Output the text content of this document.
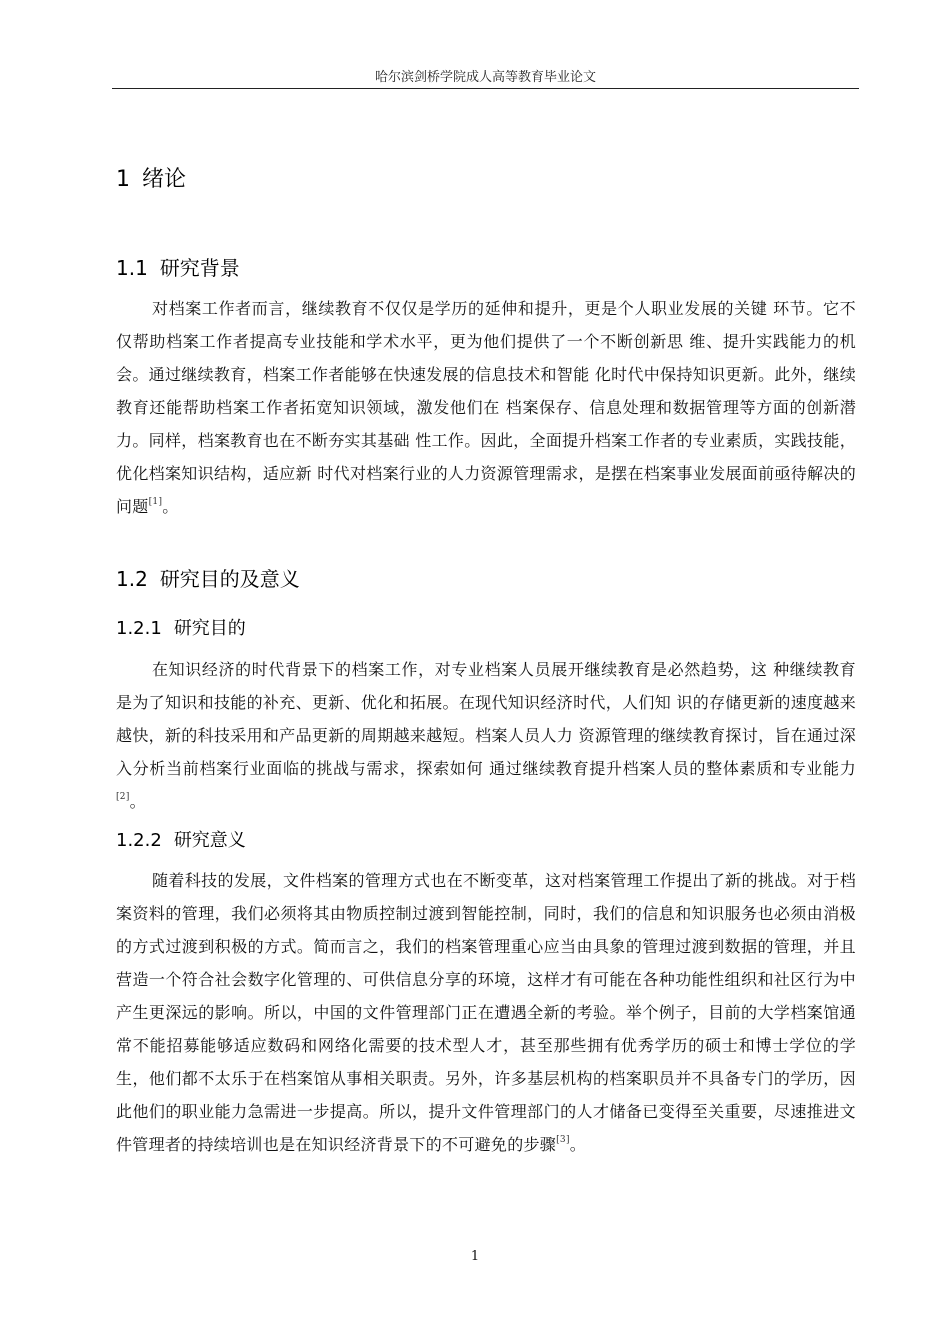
哈尔滨剑桥学院成人高等教育毕业论文
1 绪论
1.1 研究背景

对档案工作者而言，继续教育不仅仅是学历的延伸和提升，更是个人职业发展的关键 环节。它不仅帮助档案工作者提高专业技能和学术水平，更为他们提供了一个不断创新思 维、提升实践能力的机会。通过继续教育，档案工作者能够在快速发展的信息技术和智能 化时代中保持知识更新。此外，继续教育还能帮助档案工作者拓宽知识领域，激发他们在 档案保存、信息处理和数据管理等方面的创新潜力。同样，档案教育也在不断夯实其基础 性工作。因此，全面提升档案工作者的专业素质，实践技能，优化档案知识结构，适应新 时代对档案行业的人力资源管理需求，是摆在档案事业发展面前亟待解决的问题[1]。

1.2 研究目的及意义
1.2.1 研究目的

在知识经济的时代背景下的档案工作，对专业档案人员展开继续教育是必然趋势，这 种继续教育是为了知识和技能的补充、更新、优化和拓展。在现代知识经济时代，人们知 识的存储更新的速度越来越快，新的科技采用和产品更新的周期越来越短。档案人员人力 资源管理的继续教育探讨，旨在通过深入分析当前档案行业面临的挑战与需求，探索如何 通过继续教育提升档案人员的整体素质和专业能力[2]。

1.2.2 研究意义

随着科技的发展，文件档案的管理方式也在不断变革，这对档案管理工作提出了新的挑战。对于档案资料的管理，我们必须将其由物质控制过渡到智能控制，同时，我们的信息和知识服务也必须由消极的方式过渡到积极的方式。简而言之，我们的档案管理重心应当由具象的管理过渡到数据的管理，并且营造一个符合社会数字化管理的、可供信息分享的环境，这样才有可能在各种功能性组织和社区行为中产生更深远的影响。所以，中国的文件管理部门正在遭遇全新的考验。举个例子，目前的大学档案馆通常不能招募能够适应数码和网络化需要的技术型人才，甚至那些拥有优秀学历的硕士和博士学位的学生，他们都不太乐于在档案馆从事相关职责。另外，许多基层机构的档案职员并不具备专门的学历，因此他们的职业能力急需进一步提高。所以，提升文件管理部门的人才储备已变得至关重要，尽速推进文件管理者的持续培训也是在知识经济背景下的不可避免的步骤[3]。

1
